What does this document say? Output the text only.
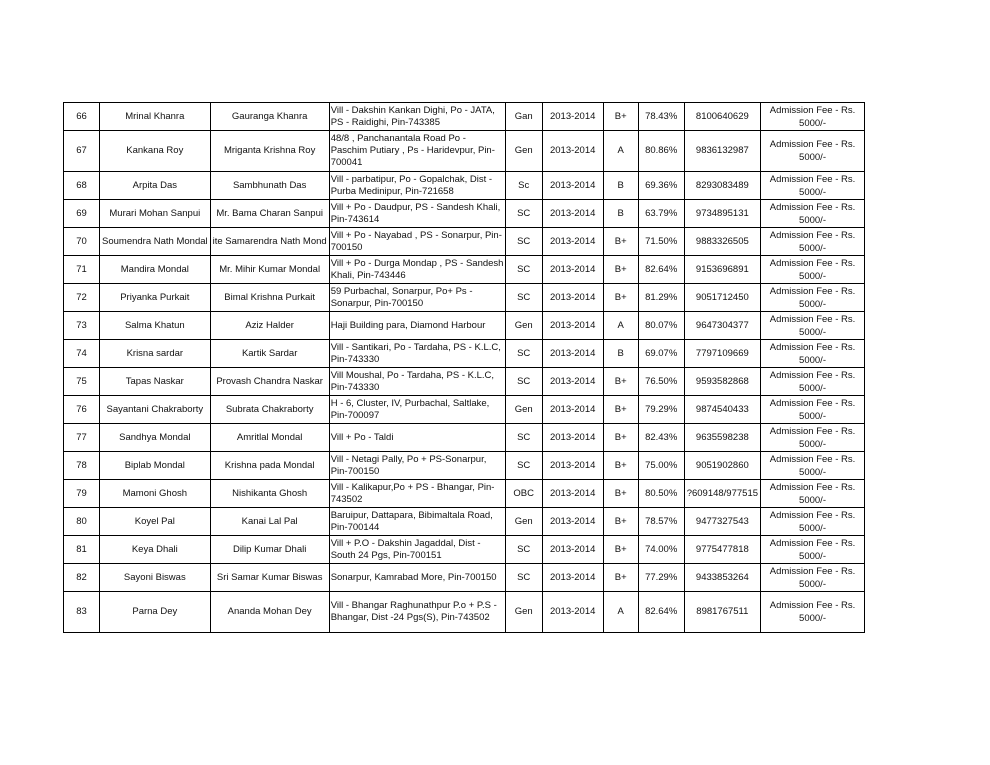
66	Mrinal Khanra	Gauranga Khanra	Vill - Dakshin Kankan Dighi, Po - JATA, PS - Raidighi, Pin-743385	Gan	2013-2014	B+	78.43%	8100640629	Admission Fee - Rs. 5000/-
67	Kankana Roy	Mriganta Krishna Roy	48/8 , Panchanantala Road Po - Paschim Putiary , Ps - Haridevpur, Pin-700041	Gen	2013-2014	A	80.86%	9836132987	Admission Fee - Rs. 5000/-
68	Arpita Das	Sambhunath Das	Vill - parbatipur, Po - Gopalchak, Dist - Purba Medinipur, Pin-721658	Sc	2013-2014	B	69.36%	8293083489	Admission Fee - Rs. 5000/-
69	Murari Mohan Sanpui	Mr. Bama Charan Sanpui	Vill + Po - Daudpur, PS - Sandesh Khali, Pin-743614	SC	2013-2014	B	63.79%	9734895131	Admission Fee - Rs. 5000/-
70	Soumendra Nath Mondal	ite Samarendra Nath Mond	Vill + Po - Nayabad , PS - Sonarpur, Pin-700150	SC	2013-2014	B+	71.50%	9883326505	Admission Fee - Rs. 5000/-
71	Mandira Mondal	Mr. Mihir Kumar Mondal	Vill + Po - Durga Mondap , PS - Sandesh Khali, Pin-743446	SC	2013-2014	B+	82.64%	9153696891	Admission Fee - Rs. 5000/-
72	Priyanka Purkait	Bimal Krishna Purkait	59 Purbachal, Sonarpur, Po+ Ps - Sonarpur, Pin-700150	SC	2013-2014	B+	81.29%	9051712450	Admission Fee - Rs. 5000/-
73	Salma Khatun	Aziz Halder	Haji Building para, Diamond Harbour	Gen	2013-2014	A	80.07%	9647304377	Admission Fee - Rs. 5000/-
74	Krisna sardar	Kartik Sardar	Vill - Santikari, Po - Tardaha, PS - K.L.C, Pin-743330	SC	2013-2014	B	69.07%	7797109669	Admission Fee - Rs. 5000/-
75	Tapas Naskar	Provash Chandra Naskar	Vill Moushal, Po - Tardaha, PS - K.L.C, Pin-743330	SC	2013-2014	B+	76.50%	9593582868	Admission Fee - Rs. 5000/-
76	Sayantani Chakraborty	Subrata Chakraborty	H - 6, Cluster, IV, Purbachal, Saltlake, Pin-700097	Gen	2013-2014	B+	79.29%	9874540433	Admission Fee - Rs. 5000/-
77	Sandhya Mondal	Amritlal Mondal	Vill + Po - Taldi	SC	2013-2014	B+	82.43%	9635598238	Admission Fee - Rs. 5000/-
78	Biplab Mondal	Krishna pada Mondal	Vill - Netagi Pally, Po + PS-Sonarpur, Pin-700150	SC	2013-2014	B+	75.00%	9051902860	Admission Fee - Rs. 5000/-
79	Mamoni Ghosh	Nishikanta Ghosh	Vill - Kalikapur,Po + PS - Bhangar, Pin-743502	OBC	2013-2014	B+	80.50%	?609148/977515	Admission Fee - Rs. 5000/-
80	Koyel Pal	Kanai Lal Pal	Baruipur, Dattapara, Bibimaltala Road, Pin-700144	Gen	2013-2014	B+	78.57%	9477327543	Admission Fee - Rs. 5000/-
81	Keya Dhali	Dilip Kumar Dhali	Vill + P.O - Dakshin Jagaddal, Dist - South 24 Pgs, Pin-700151	SC	2013-2014	B+	74.00%	9775477818	Admission Fee - Rs. 5000/-
82	Sayoni Biswas	Sri Samar Kumar Biswas	Sonarpur, Kamrabad More, Pin-700150	SC	2013-2014	B+	77.29%	9433853264	Admission Fee - Rs. 5000/-
83	Parna Dey	Ananda Mohan Dey	Vill - Bhangar Raghunathpur P.o + P.S - Bhangar, Dist -24 Pgs(S), Pin-743502	Gen	2013-2014	A	82.64%	8981767511	Admission Fee - Rs. 5000/-
